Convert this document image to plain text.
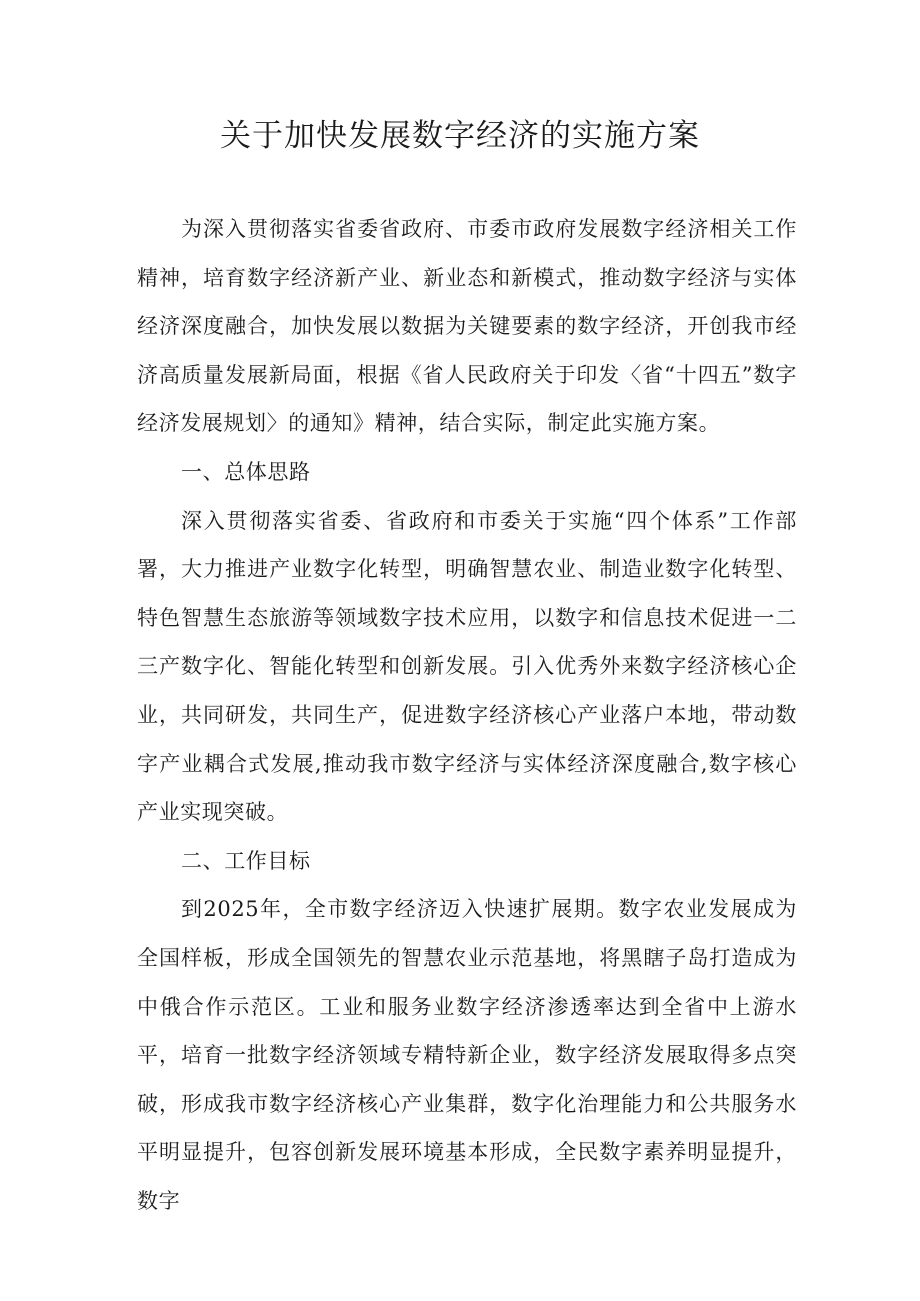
关于加快发展数字经济的实施方案

为深入贯彻落实省委省政府、市委市政府发展数字经济相关工作精神，培育数字经济新产业、新业态和新模式，推动数字经济与实体经济深度融合，加快发展以数据为关键要素的数字经济，开创我市经济高质量发展新局面，根据《省人民政府关于印发〈省“十四五”数字经济发展规划〉的通知》精神，结合实际，制定此实施方案。

一、总体思路

深入贯彻落实省委、省政府和市委关于实施“四个体系”工作部署，大力推进产业数字化转型，明确智慧农业、制造业数字化转型、特色智慧生态旅游等领域数字技术应用，以数字和信息技术促进一二三产数字化、智能化转型和创新发展。引入优秀外来数字经济核心企业，共同研发，共同生产，促进数字经济核心产业落户本地，带动数字产业耦合式发展,推动我市数字经济与实体经济深度融合,数字核心产业实现突破。

二、工作目标

到2025年，全市数字经济迈入快速扩展期。数字农业发展成为全国样板，形成全国领先的智慧农业示范基地，将黑瞎子岛打造成为中俄合作示范区。工业和服务业数字经济渗透率达到全省中上游水平，培育一批数字经济领域专精特新企业，数字经济发展取得多点突破，形成我市数字经济核心产业集群，数字化治理能力和公共服务水平明显提升，包容创新发展环境基本形成，全民数字素养明显提升，数字
